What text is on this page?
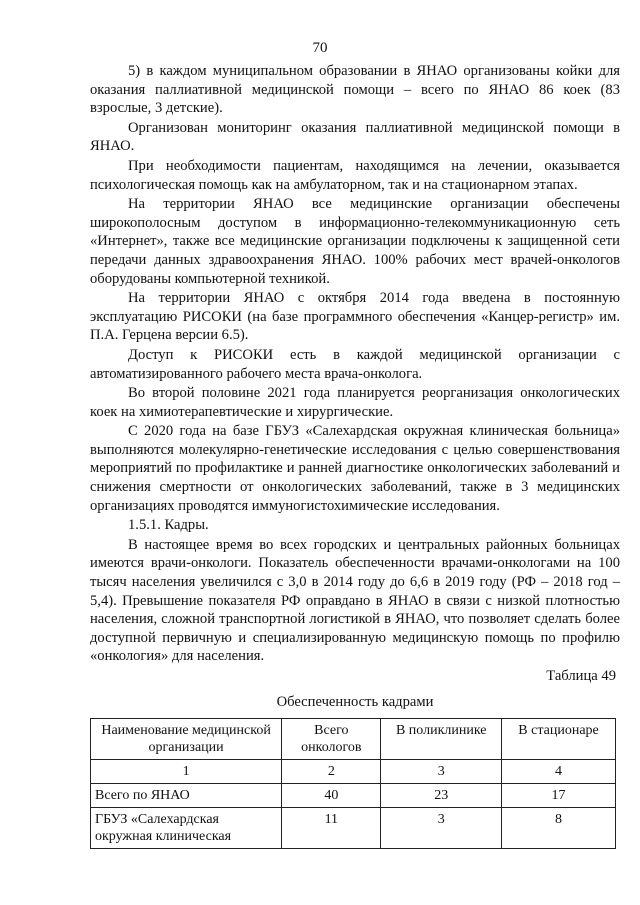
70

5) в каждом муниципальном образовании в ЯНАО организованы койки для оказания паллиативной медицинской помощи – всего по ЯНАО 86 коек (83 взрослые, 3 детские).

Организован мониторинг оказания паллиативной медицинской помощи в ЯНАО.

При необходимости пациентам, находящимся на лечении, оказывается психологическая помощь как на амбулаторном, так и на стационарном этапах.

На территории ЯНАО все медицинские организации обеспечены широкополосным доступом в информационно-телекоммуникационную сеть «Интернет», также все медицинские организации подключены к защищенной сети передачи данных здравоохранения ЯНАО. 100% рабочих мест врачей-онкологов оборудованы компьютерной техникой.

На территории ЯНАО с октября 2014 года введена в постоянную эксплуатацию РИСОКИ (на базе программного обеспечения «Канцер-регистр» им. П.А. Герцена версии 6.5).

Доступ к РИСОКИ есть в каждой медицинской организации с автоматизированного рабочего места врача-онколога.

Во второй половине 2021 года планируется реорганизация онкологических коек на химиотерапевтические и хирургические.

С 2020 года на базе ГБУЗ «Салехардская окружная клиническая больница» выполняются молекулярно-генетические исследования с целью совершенствования мероприятий по профилактике и ранней диагностике онкологических заболеваний и снижения смертности от онкологических заболеваний, также в 3 медицинских организациях проводятся иммуногистохимические исследования.

1.5.1. Кадры.

В настоящее время во всех городских и центральных районных больницах имеются врачи-онкологи. Показатель обеспеченности врачами-онкологами на 100 тысяч населения увеличился с 3,0 в 2014 году до 6,6 в 2019 году (РФ – 2018 год – 5,4). Превышение показателя РФ оправдано в ЯНАО в связи с низкой плотностью населения, сложной транспортной логистикой в ЯНАО, что позволяет сделать более доступной первичную и специализированную медицинскую помощь по профилю «онкология» для населения.

Таблица 49
Обеспеченность кадрами
Наименование медицинской организации	Всего онкологов	В поликлинике	В стационаре
1	2	3	4
Всего по ЯНАО	40	23	17
ГБУЗ «Салехардская окружная клиническая	11	3	8
